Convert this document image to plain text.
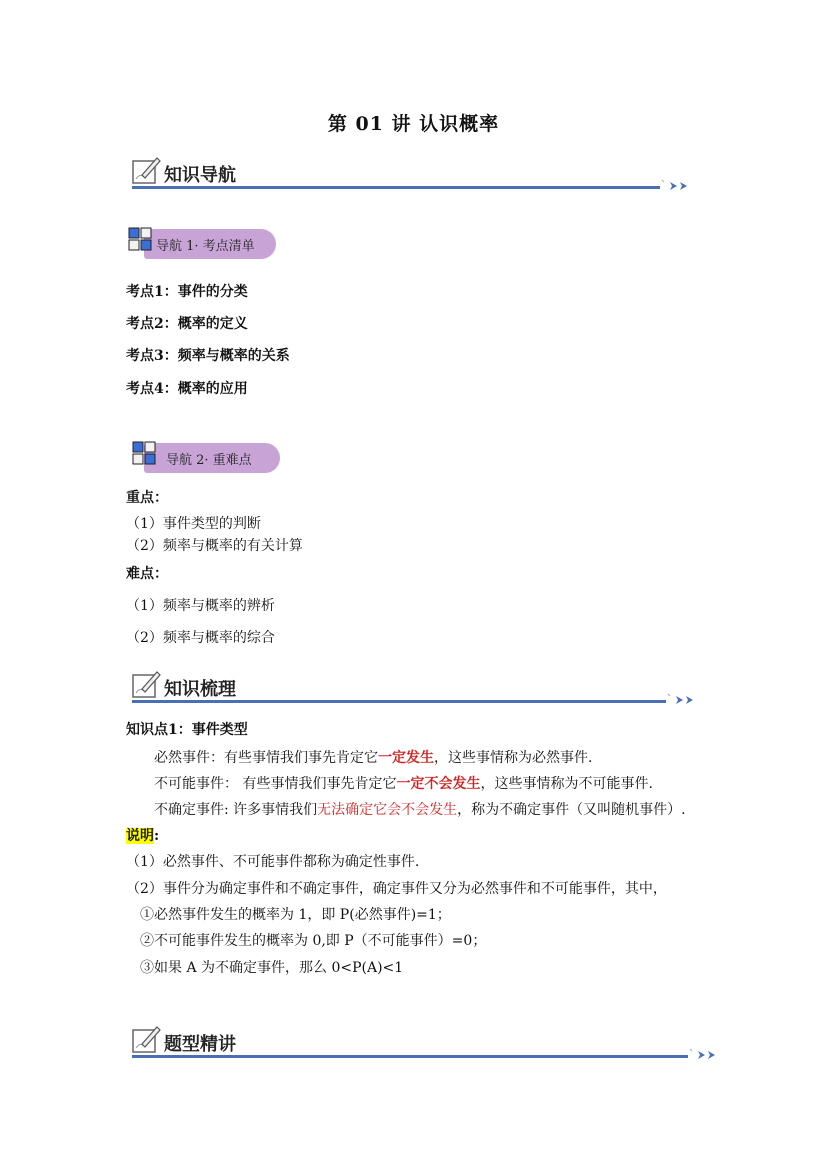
第 01 讲 认识概率
知识导航
导航 1· 考点清单
考点1：事件的分类
考点2：概率的定义
考点3：频率与概率的关系
考点4：概率的应用
导航 2· 重难点
重点：
（1）事件类型的判断
（2）频率与概率的有关计算
难点：
（1）频率与概率的辨析
（2）频率与概率的综合
知识梳理
知识点1：事件类型
必然事件：有些事情我们事先肯定它一定发生，这些事情称为必然事件.
不可能事件： 有些事情我们事先肯定它一定不会发生，这些事情称为不可能事件.
不确定事件: 许多事情我们无法确定它会不会发生，称为不确定事件（又叫随机事件）.
说明:
（1）必然事件、不可能事件都称为确定性事件.
（2）事件分为确定事件和不确定事件，确定事件又分为必然事件和不可能事件，其中，
①必然事件发生的概率为 1，即 P(必然事件)=1；
②不可能事件发生的概率为 0,即 P（不可能事件）=0；
③如果 A 为不确定事件，那么 0<P(A)<1
题型精讲
